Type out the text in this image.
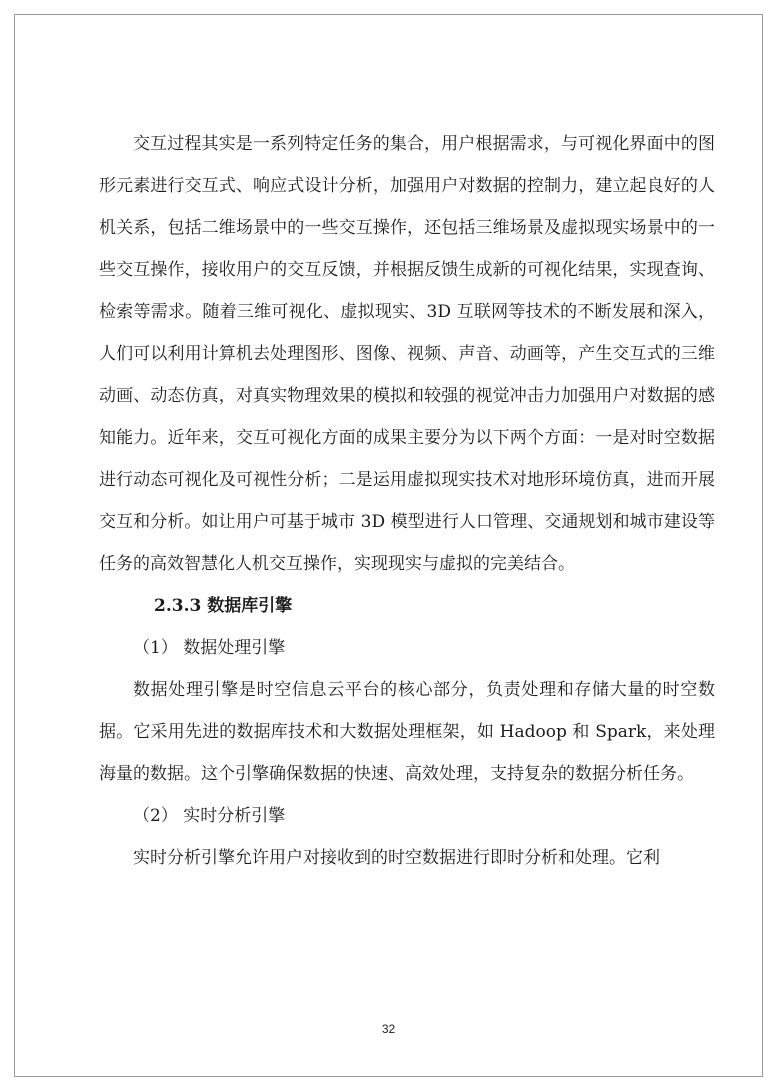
交互过程其实是一系列特定任务的集合，用户根据需求，与可视化界面中的图形元素进行交互式、响应式设计分析，加强用户对数据的控制力，建立起良好的人机关系，包括二维场景中的一些交互操作，还包括三维场景及虚拟现实场景中的一些交互操作，接收用户的交互反馈，并根据反馈生成新的可视化结果，实现查询、检索等需求。随着三维可视化、虚拟现实、3D 互联网等技术的不断发展和深入，人们可以利用计算机去处理图形、图像、视频、声音、动画等，产生交互式的三维动画、动态仿真，对真实物理效果的模拟和较强的视觉冲击力加强用户对数据的感知能力。近年来，交互可视化方面的成果主要分为以下两个方面：一是对时空数据进行动态可视化及可视性分析；二是运用虚拟现实技术对地形环境仿真，进而开展交互和分析。如让用户可基于城市 3D 模型进行人口管理、交通规划和城市建设等任务的高效智慧化人机交互操作，实现现实与虚拟的完美结合。

2.3.3 数据库引擎

（1） 数据处理引擎

数据处理引擎是时空信息云平台的核心部分，负责处理和存储大量的时空数据。它采用先进的数据库技术和大数据处理框架，如 Hadoop 和 Spark，来处理海量的数据。这个引擎确保数据的快速、高效处理，支持复杂的数据分析任务。

（2） 实时分析引擎

实时分析引擎允许用户对接收到的时空数据进行即时分析和处理。它利

32
